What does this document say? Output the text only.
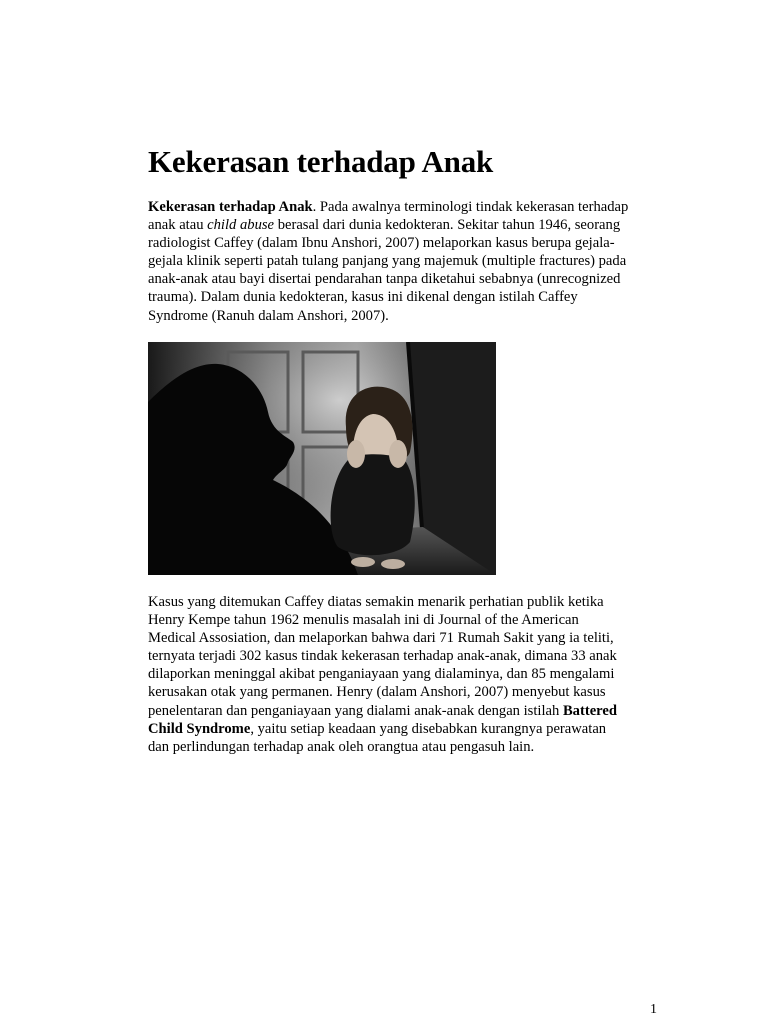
Kekerasan terhadap Anak

Kekerasan terhadap Anak. Pada awalnya terminologi tindak kekerasan terhadap
anak atau child abuse berasal dari dunia kedokteran. Sekitar tahun 1946, seorang
radiologist Caffey (dalam Ibnu Anshori, 2007) melaporkan kasus berupa gejala-
gejala klinik seperti patah tulang panjang yang majemuk (multiple fractures) pada
anak-anak atau bayi disertai pendarahan tanpa diketahui sebabnya (unrecognized
trauma). Dalam dunia kedokteran, kasus ini dikenal dengan istilah Caffey
Syndrome (Ranuh dalam Anshori, 2007).

Kasus yang ditemukan Caffey diatas semakin menarik perhatian publik ketika
Henry Kempe tahun 1962 menulis masalah ini di Journal of the American
Medical Assosiation, dan melaporkan bahwa dari 71 Rumah Sakit yang ia teliti,
ternyata terjadi 302 kasus tindak kekerasan terhadap anak-anak, dimana 33 anak
dilaporkan meninggal akibat penganiayaan yang dialaminya, dan 85 mengalami
kerusakan otak yang permanen. Henry (dalam Anshori, 2007) menyebut kasus
penelentaran dan penganiayaan yang dialami anak-anak dengan istilah Battered
Child Syndrome, yaitu setiap keadaan yang disebabkan kurangnya perawatan
dan perlindungan terhadap anak oleh orangtua atau pengasuh lain.

1
